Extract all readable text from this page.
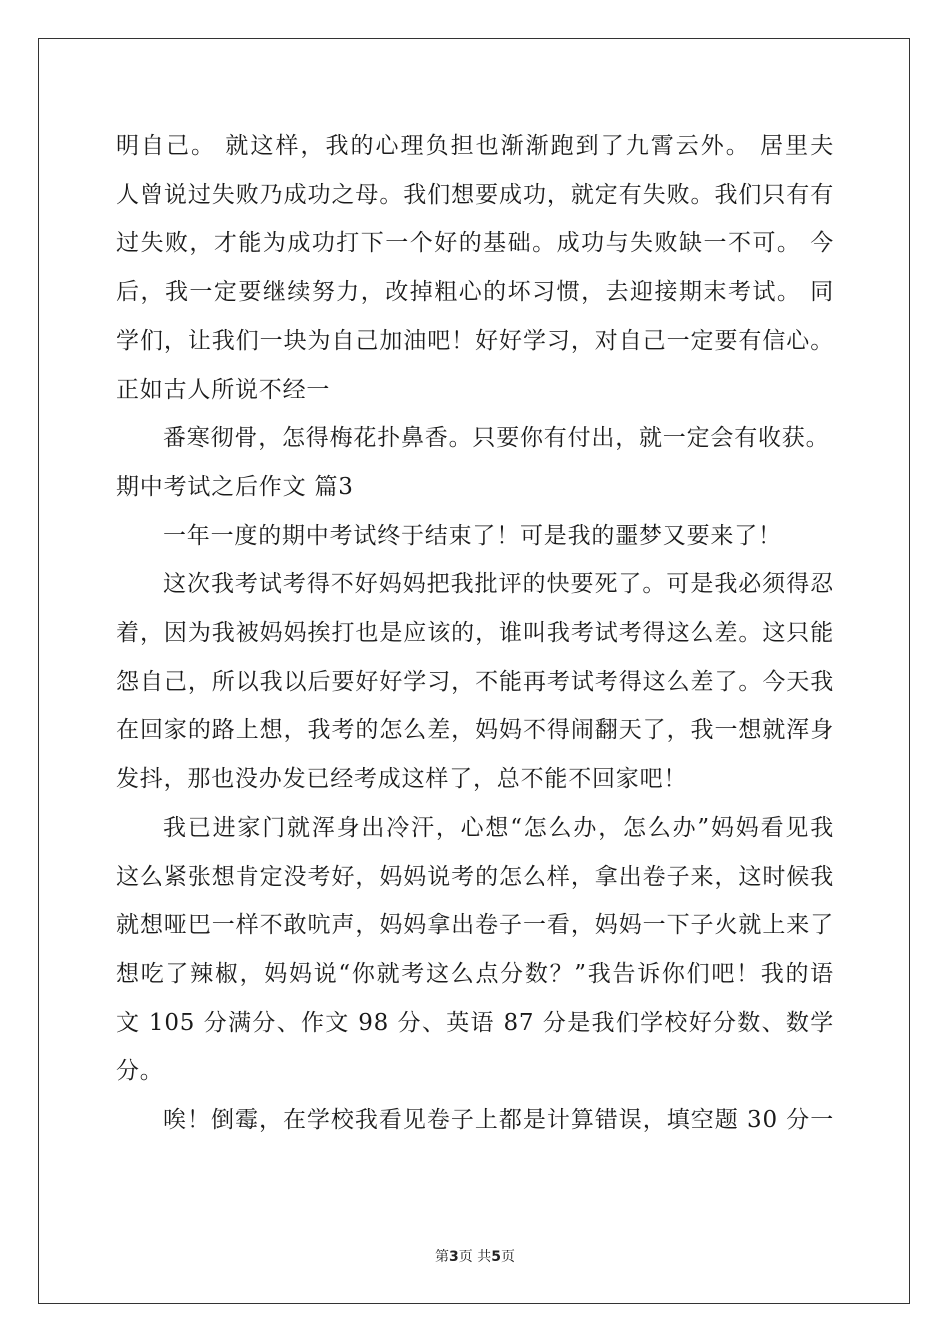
明自己。 就这样，我的心理负担也渐渐跑到了九霄云外。 居里夫
人曾说过失败乃成功之母。我们想要成功，就定有失败。我们只有有
过失败，才能为成功打下一个好的基础。成功与失败缺一不可。 今
后，我一定要继续努力，改掉粗心的坏习惯，去迎接期末考试。 同
学们，让我们一块为自己加油吧！好好学习，对自己一定要有信心。
正如古人所说不经一
番寒彻骨，怎得梅花扑鼻香。只要你有付出，就一定会有收获。
期中考试之后作文 篇3
一年一度的期中考试终于结束了！可是我的噩梦又要来了！
这次我考试考得不好妈妈把我批评的快要死了。可是我必须得忍
着，因为我被妈妈挨打也是应该的，谁叫我考试考得这么差。这只能
怨自己，所以我以后要好好学习，不能再考试考得这么差了。今天我
在回家的路上想，我考的怎么差，妈妈不得闹翻天了，我一想就浑身
发抖，那也没办发已经考成这样了，总不能不回家吧！
我已进家门就浑身出冷汗，心想“怎么办，怎么办”妈妈看见我
这么紧张想肯定没考好，妈妈说考的怎么样，拿出卷子来，这时候我
就想哑巴一样不敢吭声，妈妈拿出卷子一看，妈妈一下子火就上来了
想吃了辣椒，妈妈说“你就考这么点分数？”我告诉你们吧！我的语
文 105 分满分、作文 98 分、英语 87 分是我们学校好分数、数学
分。
唉！倒霉，在学校我看见卷子上都是计算错误，填空题 30 分一
第3页 共5页
